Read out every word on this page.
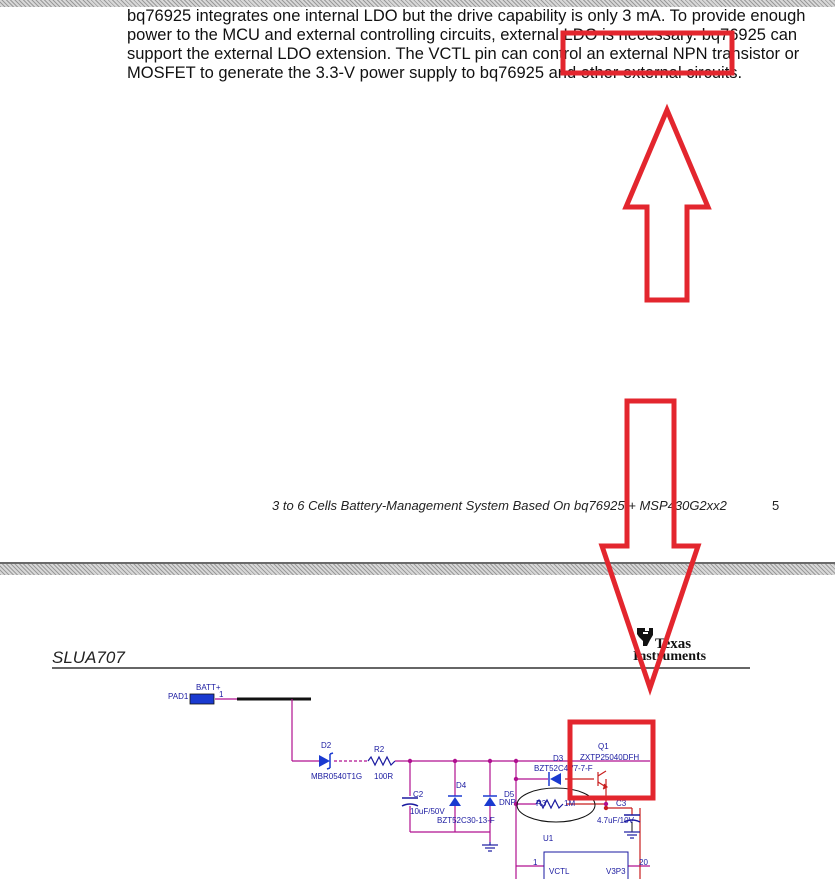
bq76925 integrates one internal LDO but the drive capability is only 3 mA. To provide enough
power to the MCU and external controlling circuits, external LDO is necessary. bq76925 can
support the external LDO extension. The VCTL pin can control an external NPN transistor or
MOSFET to generate the 3.3-V power supply to bq76925 and other external circuits.
3 to 6 Cells Battery-Management System Based On bq76925 + MSP430G2xx2	5
SLUA707
Texas
Instruments
PAD1
BATT+
1
D2
MBR0540T1G
R2
100R
C2
10uF/50V
D4
BZT52C30-13-F
D5
DNP
D3
BZT52C4V7-7-F
R3 1M
Q1
ZXTP25040DFH
C3
4.7uF/10V
U1
1
VCTL
20
V3P3
